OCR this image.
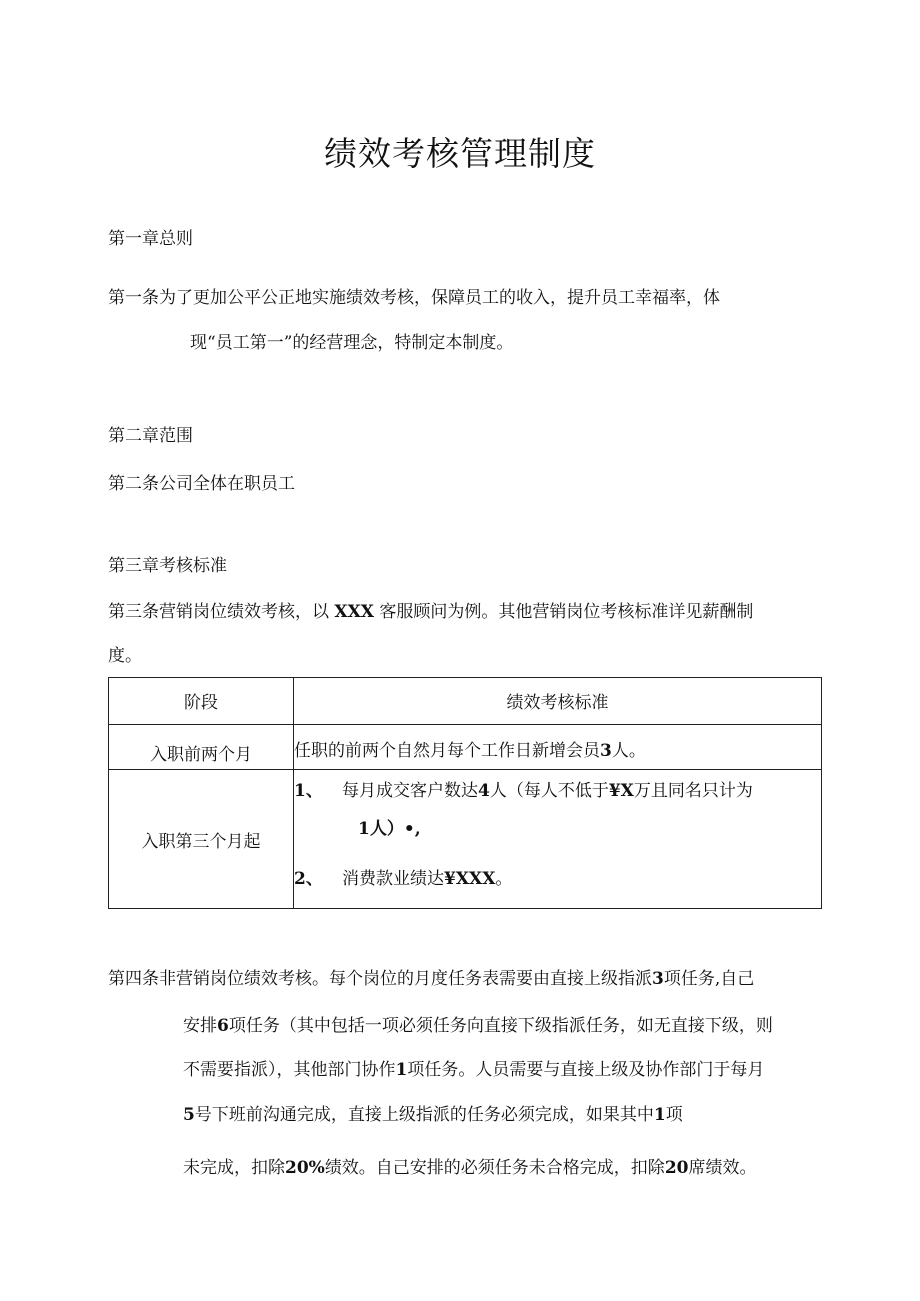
绩效考核管理制度
第一章总则
第一条为了更加公平公正地实施绩效考核，保障员工的收入，提升员工幸福率，体
现“员工第一”的经营理念，特制定本制度。
第二章范围
第二条公司全体在职员工
第三章考核标准
第三条营销岗位绩效考核，以 XXX 客服顾问为例。其他营销岗位考核标准详见薪酬制
度。
阶段	绩效考核标准
入职前两个月	任职的前两个自然月每个工作日新增会员3人。
入职第三个月起	1、 每月成交客户数达4人（每人不低于¥X万且同名只计为
1人）•,
2、 消费款业绩达¥XXX。
第四条非营销岗位绩效考核。每个岗位的月度任务表需要由直接上级指派3项任务,自己
安排6项任务（其中包括一项必须任务向直接下级指派任务，如无直接下级，则
不需要指派），其他部门协作1项任务。人员需要与直接上级及协作部门于每月
5号下班前沟通完成，直接上级指派的任务必须完成，如果其中1项
未完成，扣除20%绩效。自己安排的必须任务未合格完成，扣除20席绩效。
